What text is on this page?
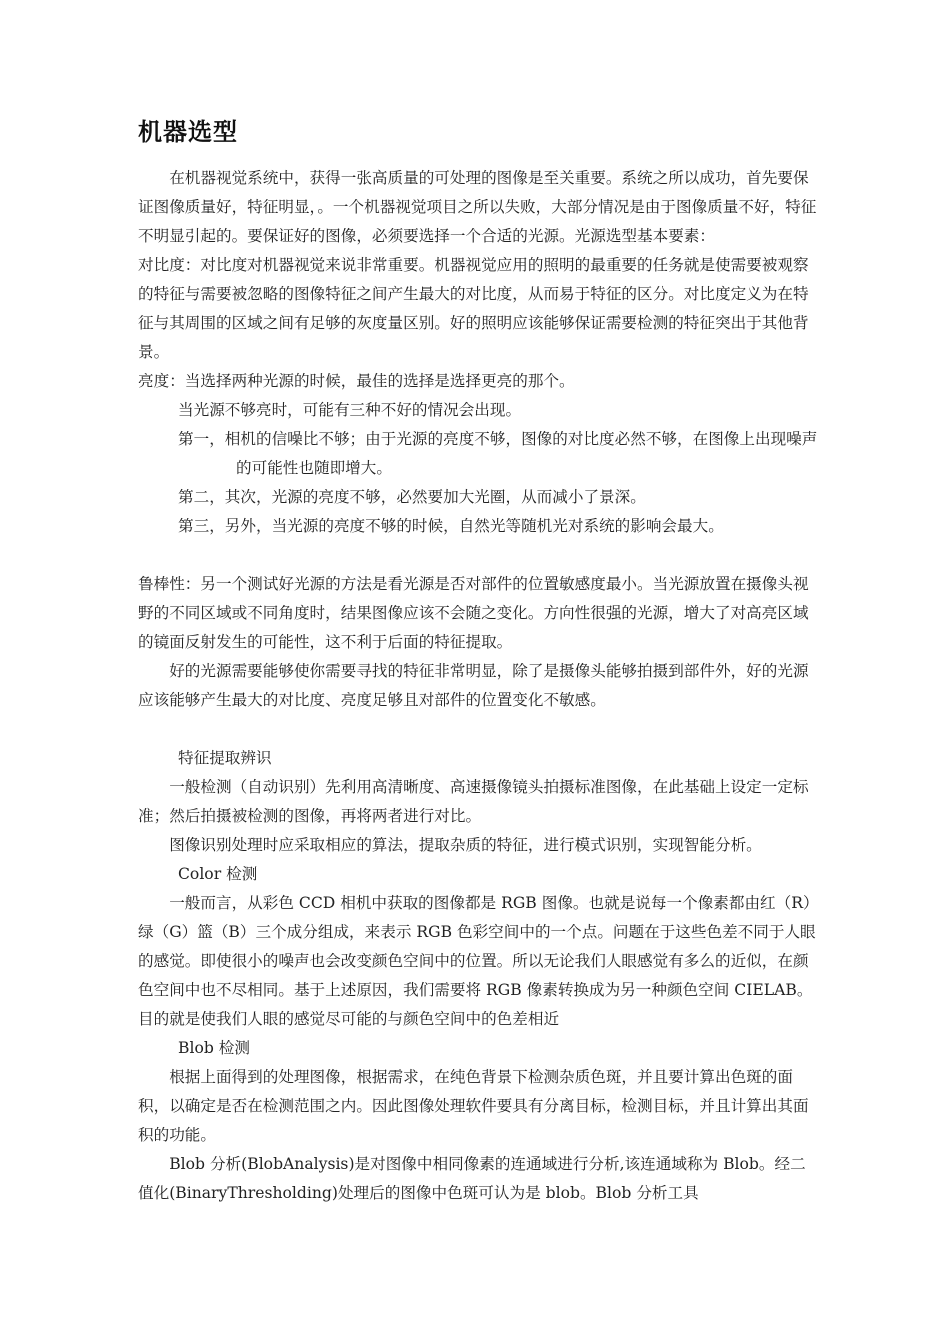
机器选型

在机器视觉系统中，获得一张高质量的可处理的图像是至关重要。系统之所以成功，首先要保证图像质量好，特征明显，。一个机器视觉项目之所以失败，大部分情况是由于图像质量不好，特征不明显引起的。要保证好的图像，必须要选择一个合适的光源。光源选型基本要素：

对比度：对比度对机器视觉来说非常重要。机器视觉应用的照明的最重要的任务就是使需要被观察的特征与需要被忽略的图像特征之间产生最大的对比度，从而易于特征的区分。对比度定义为在特征与其周围的区域之间有足够的灰度量区别。好的照明应该能够保证需要检测的特征突出于其他背景。

亮度：当选择两种光源的时候，最佳的选择是选择更亮的那个。

当光源不够亮时，可能有三种不好的情况会出现。

第一，相机的信噪比不够；由于光源的亮度不够，图像的对比度必然不够，在图像上出现噪声的可能性也随即增大。

第二，其次，光源的亮度不够，必然要加大光圈，从而减小了景深。

第三，另外，当光源的亮度不够的时候，自然光等随机光对系统的影响会最大。

鲁棒性：另一个测试好光源的方法是看光源是否对部件的位置敏感度最小。当光源放置在摄像头视野的不同区域或不同角度时，结果图像应该不会随之变化。方向性很强的光源，增大了对高亮区域的镜面反射发生的可能性，这不利于后面的特征提取。

好的光源需要能够使你需要寻找的特征非常明显，除了是摄像头能够拍摄到部件外，好的光源应该能够产生最大的对比度、亮度足够且对部件的位置变化不敏感。

特征提取辨识

一般检测（自动识别）先利用高清晰度、高速摄像镜头拍摄标准图像，在此基础上设定一定标准；然后拍摄被检测的图像，再将两者进行对比。

图像识别处理时应采取相应的算法，提取杂质的特征，进行模式识别，实现智能分析。

Color 检测

一般而言，从彩色 CCD 相机中获取的图像都是 RGB 图像。也就是说每一个像素都由红（R）绿（G）篮（B）三个成分组成，来表示 RGB 色彩空间中的一个点。问题在于这些色差不同于人眼的感觉。即使很小的噪声也会改变颜色空间中的位置。所以无论我们人眼感觉有多么的近似，在颜色空间中也不尽相同。基于上述原因，我们需要将 RGB 像素转换成为另一种颜色空间 CIELAB。目的就是使我们人眼的感觉尽可能的与颜色空间中的色差相近

Blob 检测

根据上面得到的处理图像，根据需求，在纯色背景下检测杂质色斑，并且要计算出色斑的面积，以确定是否在检测范围之内。因此图像处理软件要具有分离目标，检测目标，并且计算出其面积的功能。

Blob 分析(BlobAnalysis)是对图像中相同像素的连通域进行分析,该连通域称为 Blob。经二值化(BinaryThresholding)处理后的图像中色斑可认为是 blob。Blob 分析工具
